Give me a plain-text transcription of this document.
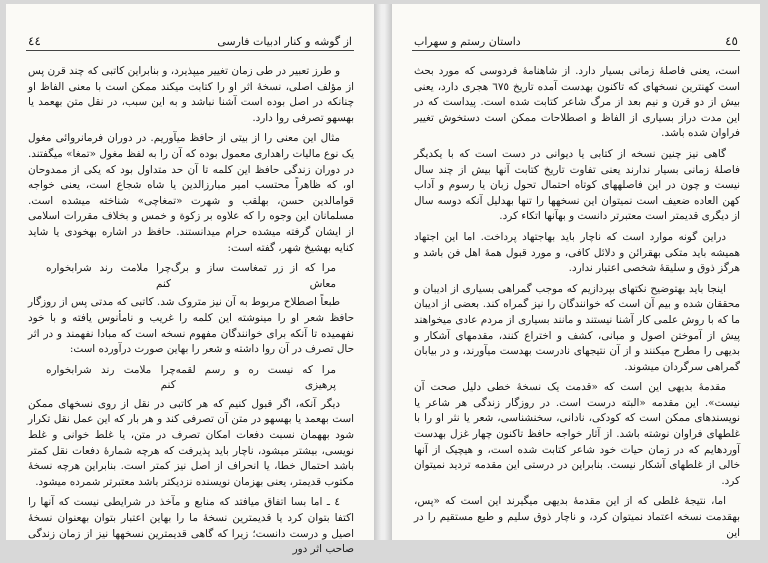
٤٤	از گوشه و کنار ادبیات فارسی

و طرز تعبیر در طی زمان تغییر میپذیرد، و بنابراین کاتبی که چند قرن پس از مؤلف اصلی، نسخهٔ اثر او را کتابت میکند ممکن است با معنی الفاظ او چنانکه در اصل بوده است آشنا نباشد و به این سبب، در نقل متن بهعمد یا بهسهو تصرفی روا دارد.

مثال این معنی را از بیتی از حافظ میآوریم. در دوران فرمانروائی مغول یک نوع مالیات راهداری معمول بوده که آن را به لفظ مغول «تمغا» میگفتند. در دوران زندگی حافظ این کلمه تا آن حد متداول بود که یکی از ممدوحان او، که ظاهراً محتسب امیر مبارزالدین یا شاه شجاع است، یعنی خواجه قوامالدین حسن، بهلقب و شهرت «تمغاچی» شناخته میشده است. مسلمانان این وجوه را که علاوه بر زکوة و خمس و بخلاف مقررات اسلامی از ایشان گرفته میشده حرام میدانستند. حافظ در اشاره بهخودی یا شاید کنایه بهشیخ شهر، گفته است:

مرا که از زر تمغاست ساز و برگ معاش
چرا ملامت رند شرابخواره کنم

طبعاً اصطلاح مربوط به آن نیز متروک شد. کاتبی که مدتی پس از روزگار حافظ شعر او را مینوشته این کلمه را غریب و نامأنوس یافته و با خود نفهمیده تا آنکه برای خوانندگان مفهوم نسخه است که مبادا نفهمند و در اثر حال تصرف در آن روا داشته و شعر را بهاین صورت درآورده است:

مرا که نیست ره و رسم لقمه پرهیزی
چرا ملامت رند شرابخواره کنم

دیگر آنکه، اگر قبول کنیم که هر کاتبی در نقل از روی نسخهای ممکن است بهعمد یا بهسهو در متن آن تصرفی کند و هر بار که این عمل نقل تکرار شود بههمان نسبت دفعات امکان تصرف در متن، یا غلط خوانی و غلط نویسی، بیشتر میشود، ناچار باید پذیرفت که هرچه شمارهٔ دفعات نقل کمتر باشد احتمال خطا، یا انحراف از اصل نیز کمتر است. بنابراین هرچه نسخهٔ مکتوب قدیمتر، یعنی بهزمان نویسنده نزدیکتر باشد معتبرتر شمرده میشود.

٤ ـ اما بسا اتفاق میافتد که منابع و مآخذ در شرایطی نیست که آنها را اکتفا بتوان کرد یا قدیمترین نسخهٔ ما را بهاین اعتبار بتوان بهعنوان نسخهٔ اصیل و درست دانست؛ زیرا که گاهی قدیمترین نسخهها نیز از زمان زندگی صاحب اثر دور

٤٥
داستان رستم و سهراب

است، یعنی فاصلهٔ زمانی بسیار دارد. از شاهنامهٔ فردوسی که مورد بحث است کهنترین نسخهای که تاکنون بهدست آمده تاریخ ٦٧٥ هجری دارد، یعنی بیش از دو قرن و نیم بعد از مرگ شاعر کتابت شده است. پیداست که در این مدت دراز بسیاری از الفاظ و اصطلاحات ممکن است دستخوش تغییر فراوان شده باشد.

گاهی نیز چنین نسخه از کتابی یا دیوانی در دست است که با یکدیگر فاصلهٔ زمانی بسیار ندارند یعنی تفاوت تاریخ کتابت آنها بیش از چند سال نیست و چون در این فاصلههای کوتاه احتمال تحول زبان یا رسوم و آداب کهن العاده ضعیف است نمیتوان این نسخهها را تنها بهدلیل آنکه دوسه سال از دیگری قدیمتر است معتبرتر دانست و بهآنها اتکاء کرد.

دراین گونه موارد است که ناچار باید بهاجتهاد پرداخت. اما این اجتهاد همیشه باید متکی بهقرائن و دلائل کافی، و مورد قبول همهٔ اهل فن باشد و هرگز ذوق و سلیقهٔ شخصی اعتبار ندارد.

اینجا باید بهتوضیح نکتهای بپردازیم که موجب گمراهی بسیاری از ادیبان و محققان شده و بیم آن است که خوانندگان را نیز گمراه کند. بعضی از ادیبان ما که با روش علمی کار آشنا نیستند و مانند بسیاری از مردم عادی میخواهند پیش از آموختن اصول و مبانی، کشف و اختراع کنند، مقدمهای آشکار و بدیهی را مطرح میکنند و از آن نتیجهای نادرست بهدست میآورند، و در بیابان گمراهی سرگردان میشوند.

مقدمهٔ بدیهی این است که «قدمت یک نسخهٔ خطی دلیل صحت آن نیست». این مقدمه «البته درست است. در روزگار زندگی هر شاعر یا نویسندهای ممکن است که کودکی، نادانی، سخنشناسی، شعر یا نثر او را با غلطهای فراوان نوشته باشد. از آثار خواجه حافظ تاکنون چهار غزل بهدست آوردهایم که در زمان حیات خود شاعر کتابت شده است، و هیچیک از آنها خالی از غلطهای آشکار نیست. بنابراین در درستی این مقدمه تردید نمیتوان کرد.

اما، نتیجهٔ غلطی که از این مقدمهٔ بدیهی میگیرند این است که «پس، بهقدمت نسخه اعتماد نمیتوان کرد، و ناچار ذوق سلیم و طبع مستقیم را در این
